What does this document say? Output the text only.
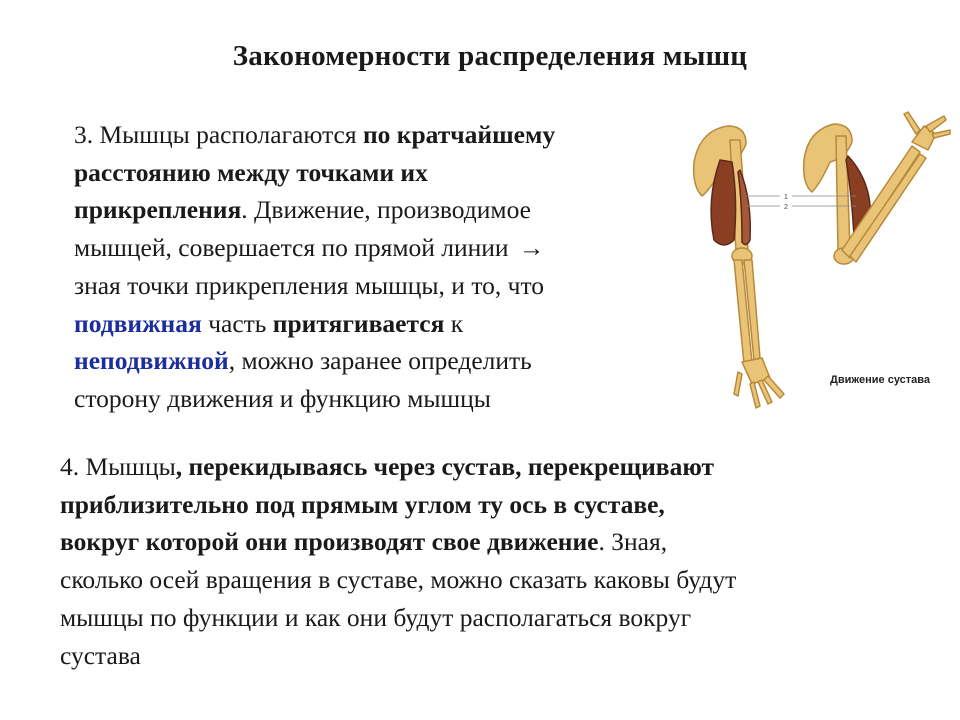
Закономерности распределения мышц
3. Мышцы располагаются по кратчайшему
расстоянию между точками их
прикрепления. Движение, производимое
мышцей, совершается по прямой линии →
зная точки прикрепления мышцы, и то, что
подвижная часть притягивается к
неподвижной, можно заранее определить
сторону движения и функцию мышцы
1
2
Движение сустава
4. Мышцы, перекидываясь через сустав, перекрещивают
приблизительно под прямым углом ту ось в суставе,
вокруг которой они производят свое движение. Зная,
сколько осей вращения в суставе, можно сказать каковы будут
мышцы по функции и как они будут располагаться вокруг
сустава
